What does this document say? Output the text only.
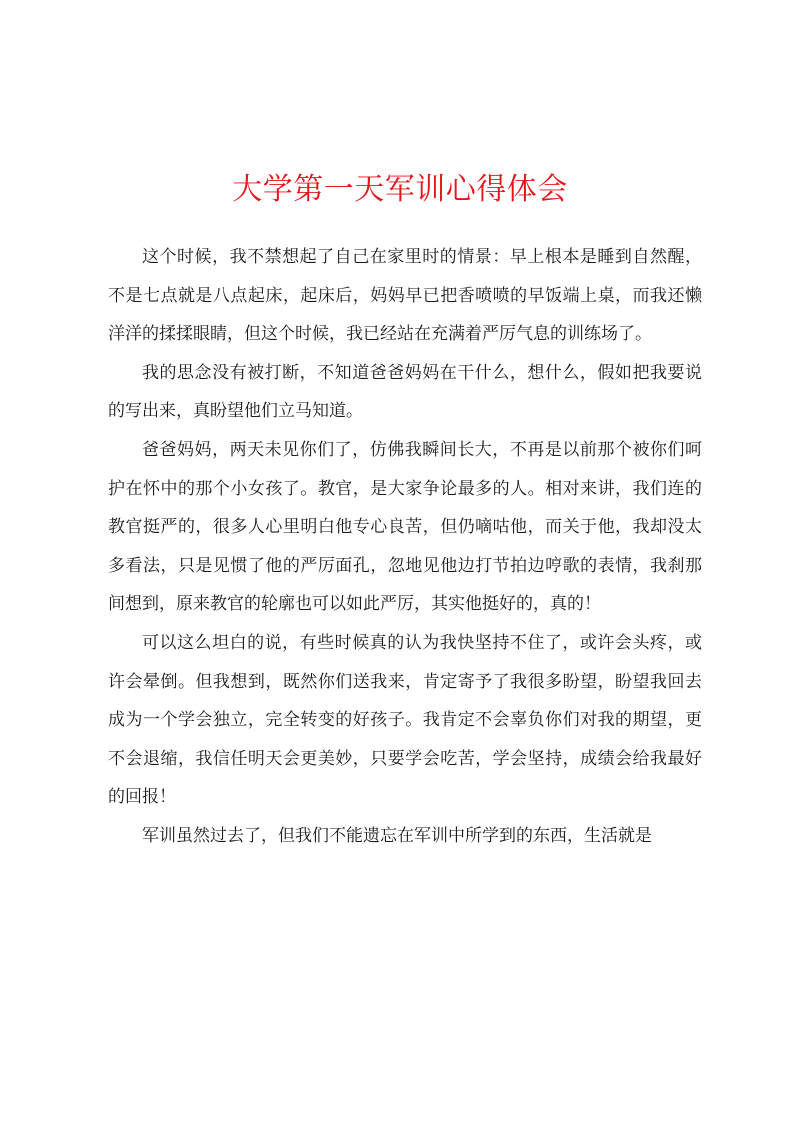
大学第一天军训心得体会

这个时候，我不禁想起了自己在家里时的情景：早上根本是睡到自然醒，不是七点就是八点起床，起床后，妈妈早已把香喷喷的早饭端上桌，而我还懒洋洋的揉揉眼睛，但这个时候，我已经站在充满着严厉气息的训练场了。

我的思念没有被打断，不知道爸爸妈妈在干什么，想什么，假如把我要说的写出来，真盼望他们立马知道。

爸爸妈妈，两天未见你们了，仿佛我瞬间长大，不再是以前那个被你们呵护在怀中的那个小女孩了。教官，是大家争论最多的人。相对来讲，我们连的教官挺严的，很多人心里明白他专心良苦，但仍嘀咕他，而关于他，我却没太多看法，只是见惯了他的严厉面孔，忽地见他边打节拍边哼歌的表情，我刹那间想到，原来教官的轮廓也可以如此严厉，其实他挺好的，真的！

可以这么坦白的说，有些时候真的认为我快坚持不住了，或许会头疼，或许会晕倒。但我想到，既然你们送我来，肯定寄予了我很多盼望，盼望我回去成为一个学会独立，完全转变的好孩子。我肯定不会辜负你们对我的期望，更不会退缩，我信任明天会更美妙，只要学会吃苦，学会坚持，成绩会给我最好的回报！

军训虽然过去了，但我们不能遗忘在军训中所学到的东西，生活就是
